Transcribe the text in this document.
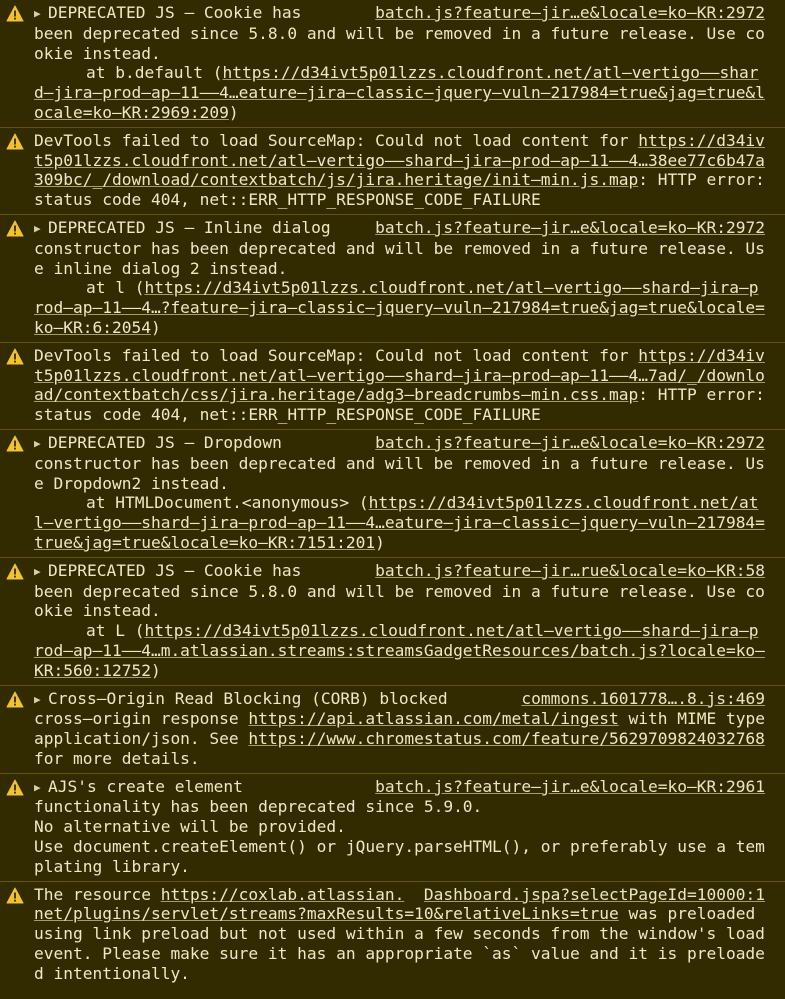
batch.js?feature–jir…e&locale=ko–KR:2972
▶ DEPRECATED JS – Cookie has
been deprecated since 5.8.0 and will be removed in a future release. Use cookie instead.
at b.default (https://d34ivt5p01lzzs.cloudfront.net/atl–vertigo––shard–jira–prod–ap–11––4…eature–jira–classic–jquery–vuln–217984=true&jag=true&locale=ko–KR:2969:209)
DevTools failed to load SourceMap: Could not load content for https://d34ivt5p01lzzs.cloudfront.net/atl–vertigo––shard–jira–prod–ap–11––4…38ee77c6b47a309bc/_/download/contextbatch/js/jira.heritage/init–min.js.map: HTTP error: status code 404, net::ERR_HTTP_RESPONSE_CODE_FAILURE
batch.js?feature–jir…e&locale=ko–KR:2972
▶ DEPRECATED JS – Inline dialog
constructor has been deprecated and will be removed in a future release. Use inline dialog 2 instead.
at l (https://d34ivt5p01lzzs.cloudfront.net/atl–vertigo––shard–jira–prod–ap–11––4…?feature–jira–classic–jquery–vuln–217984=true&jag=true&locale=ko–KR:6:2054)
DevTools failed to load SourceMap: Could not load content for https://d34ivt5p01lzzs.cloudfront.net/atl–vertigo––shard–jira–prod–ap–11––4…7ad/_/download/contextbatch/css/jira.heritage/adg3–breadcrumbs–min.css.map: HTTP error: status code 404, net::ERR_HTTP_RESPONSE_CODE_FAILURE
batch.js?feature–jir…e&locale=ko–KR:2972
▶ DEPRECATED JS – Dropdown
constructor has been deprecated and will be removed in a future release. Use Dropdown2 instead.
at HTMLDocument.<anonymous> (https://d34ivt5p01lzzs.cloudfront.net/atl–vertigo––shard–jira–prod–ap–11––4…eature–jira–classic–jquery–vuln–217984=true&jag=true&locale=ko–KR:7151:201)
batch.js?feature–jir…rue&locale=ko–KR:58
▶ DEPRECATED JS – Cookie has
been deprecated since 5.8.0 and will be removed in a future release. Use cookie instead.
at L (https://d34ivt5p01lzzs.cloudfront.net/atl–vertigo––shard–jira–prod–ap–11––4…m.atlassian.streams:streamsGadgetResources/batch.js?locale=ko–KR:560:12752)
commons.1601778….8.js:469
▶ Cross–Origin Read Blocking (CORB) blocked
cross–origin response https://api.atlassian.com/metal/ingest with MIME type application/json. See https://www.chromestatus.com/feature/5629709824032768 for more details.
batch.js?feature–jir…e&locale=ko–KR:2961
▶ AJS's create element
functionality has been deprecated since 5.9.0.
No alternative will be provided.
Use document.createElement() or jQuery.parseHTML(), or preferably use a templating library.
Dashboard.jspa?selectPageId=10000:1
The resource https://coxlab.atlassian.net/plugins/servlet/streams?maxResults=10&relativeLinks=true was preloaded using link preload but not used within a few seconds from the window's load event. Please make sure it has an appropriate `as` value and it is preloaded intentionally.
